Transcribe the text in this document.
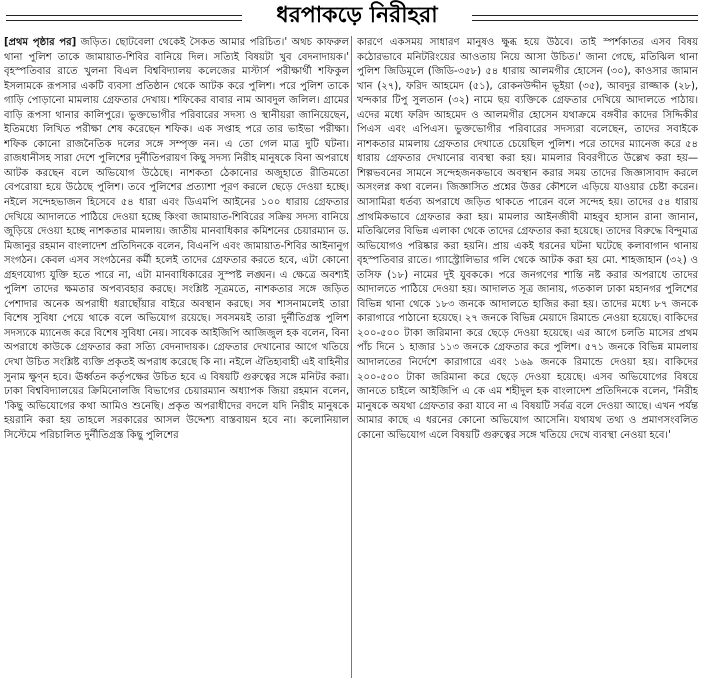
ধরপাকড়ে নিরীহরা

[প্রথম পৃষ্ঠার পর] জড়িত। ছোটবেলা থেকেই সৈকত আমার পরিচিত।' অথচ কাফরুল থানা পুলিশ তাকে জামায়াত-শিবির বানিয়ে দিল। সত্যিই বিষয়টা খুব বেদনাদায়ক।' বৃহস্পতিবার রাতে খুলনা বিএল বিশ্ববিদ্যালয় কলেজের মাস্টার্স পরীক্ষার্থী শফিকুল ইসলামকে রূপসার একটি ব্যবসা প্রতিষ্ঠান থেকে আটক করে পুলিশ। পরে পুলিশ তাকে গাড়ি পোড়ানো মামলায় গ্রেফতার দেখায়। শফিকের বাবার নাম আবদুল জলিল। গ্রামের বাড়ি রূপসা থানার কালিপুরে। ভুক্তভোগীর পরিবারের সদস্য ও স্থানীয়রা জানিয়েছেন, ইতিমধ্যে লিখিত পরীক্ষা শেষ করেছেন শফিক। এক সপ্তাহ পরে তার ভাইভা পরীক্ষা। শফিক কোনো রাজনৈতিক দলের সঙ্গে সম্পৃক্ত নন। এ তো গেল মাত্র দুটি ঘটনা। রাজধানীসহ সারা দেশে পুলিশের দুর্নীতিপরায়ণ কিছু সদস্য নিরীহ মানুষকে বিনা অপরাধে আটক করছেন বলে অভিযোগ উঠেছে। নাশকতা ঠেকানোর অজুহাতে রীতিমতো বেপরোয়া হয়ে উঠেছে পুলিশ। তবে পুলিশের প্রত্যাশা পূরণ করলে ছেড়ে দেওয়া হচ্ছে। নইলে সন্দেহভাজন হিসেবে ৫৪ ধারা এবং ডিএমপি আইনের ১০০ ধারায় গ্রেফতার দেখিয়ে আদালতে পাঠিয়ে দেওয়া হচ্ছে কিংবা জামায়াত-শিবিরের সক্রিয় সদস্য বানিয়ে জুড়িয়ে দেওয়া হচ্ছে নাশকতার মামলায়। জাতীয় মানবাধিকার কমিশনের চেয়ারম্যান ড. মিজানুর রহমান বাংলাদেশ প্রতিদিনকে বলেন, বিএনপি এবং জামায়াত-শিবির আইনানুগ সংগঠন। কেবল এসব সংগঠনের কর্মী হলেই তাদের গ্রেফতার করতে হবে, এটা কোনো গ্রহণযোগ্য যুক্তি হতে পারে না, এটা মানবাধিকারের সুস্পষ্ট লঙ্ঘন। এ ক্ষেত্রে অবশ্যই পুলিশ তাদের ক্ষমতার অপব্যবহার করছে। সংশ্লিষ্ট সূত্রমতে, নাশকতার সঙ্গে জড়িত পেশাদার অনেক অপরাধী ধরাছোঁয়ার বাইরে অবস্থান করছে। সব শাসনামলেই তারা বিশেষ সুবিধা পেয়ে থাকে বলে অভিযোগ রয়েছে। সবসময়ই তারা দুর্নীতিগ্রস্ত পুলিশ সদস্যকে ম্যানেজ করে বিশেষ সুবিধা নেয়। সাবেক আইজিপি আজিজুল হক বলেন, বিনা অপরাধে কাউকে গ্রেফতার করা সত্যি বেদনাদায়ক। গ্রেফতার দেখানোর আগে খতিয়ে দেখা উচিত সংশ্লিষ্ট ব্যক্তি প্রকৃতই অপরাধ করেছে কি না। নইলে ঐতিহ্যবাহী এই বাহিনীর সুনাম ক্ষুণ্ন হবে। ঊর্ধ্বতন কর্তৃপক্ষের উচিত হবে এ বিষয়টি গুরুত্বের সঙ্গে মনিটর করা। ঢাকা বিশ্ববিদ্যালয়ের ক্রিমিনোলজি বিভাগের চেয়ারম্যান অধ্যাপক জিয়া রহমান বলেন, 'কিছু অভিযোগের কথা আমিও শুনেছি। প্রকৃত অপরাধীদের বদলে যদি নিরীহ মানুষকে হয়রানি করা হয় তাহলে সরকারের আসল উদ্দেশ্য বাস্তবায়ন হবে না। কলোনিয়াল সিস্টেমে পরিচালিত দুর্নীতিগ্রস্ত কিছু পুলিশের

কারণে একসময় সাধারণ মানুষও ক্ষুব্ধ হয়ে উঠবে। তাই স্পর্শকাতর এসব বিষয় কঠোরভাবে মনিটরিংয়ের আওতায় নিয়ে আসা উচিত।' জানা গেছে, মতিঝিল থানা পুলিশ জিডিমূলে (জিডি-৩৫৮) ৫৪ ধারায় আলমগীর হোসেন (৩০), কাওসার জামান খান (২৭), ফরিদ আহমেদ (৫১), রোকনউদ্দীন ভূইয়া (৩৫), আবদুর রাজ্জাক (২৮), খন্দকার টিপু সুলতান (৩২) নামে ছয় ব্যক্তিকে গ্রেফতার দেখিয়ে আদালতে পাঠায়। এদের মধ্যে ফরিদ আহমেদ ও আলমগীর হোসেন যথাক্রমে বঙ্গবীর কাদের সিদ্দিকীর পিএস এবং এপিএস। ভুক্তভোগীর পরিবারের সদস্যরা বলেছেন, তাদের সবাইকে নাশকতার মামলায় গ্রেফতার দেখাতে চেয়েছিল পুলিশ। পরে তাদের ম্যানেজ করে ৫৪ ধারায় গ্রেফতার দেখানোর ব্যবস্থা করা হয়। মামলার বিবরণীতে উল্লেখ করা হয়— শিল্পভবনের সামনে সন্দেহজনকভাবে অবস্থান করার সময় তাদের জিজ্ঞাসাবাদ করলে অসংলগ্ন কথা বলেন। জিজ্ঞাসিত প্রশ্নের উত্তর কৌশলে এড়িয়ে যাওয়ার চেষ্টা করেন। আসামিরা ধর্তব্য অপরাধে জড়িত থাকতে পারেন বলে সন্দেহ হয়। তাদের ৫৪ ধারায় প্রাথমিকভাবে গ্রেফতার করা হয়। মামলার আইনজীবী মাহবুব হাসান রানা জানান, মতিঝিলের বিভিন্ন এলাকা থেকে তাদের গ্রেফতার করা হয়েছে। তাদের বিরুদ্ধে বিন্দুমাত্র অভিযোগও পরিষ্কার করা হয়নি। প্রায় একই ধরনের ঘটনা ঘটেছে কলাবাগান থানায় বৃহস্পতিবার রাতে। গ্যাস্ট্রোলিভার গলি থেকে আটক করা হয় মো. শাহজাহান (৩২) ও তসিফ (১৮) নামের দুই যুবককে। পরে জনগণের শান্তি নষ্ট করার অপরাধে তাদের আদালতে পাঠিয়ে দেওয়া হয়। আদালত সূত্র জানায়, গতকাল ঢাকা মহানগর পুলিশের বিভিন্ন থানা থেকে ১৮৩ জনকে আদালতে হাজির করা হয়। তাদের মধ্যে ৮৭ জনকে কারাগারে পাঠানো হয়েছে। ২৭ জনকে বিভিন্ন মেয়াদে রিমান্ডে নেওয়া হয়েছে। বাকিদের ২০০-৫০০ টাকা জরিমানা করে ছেড়ে দেওয়া হয়েছে। এর আগে চলতি মাসের প্রথম পাঁচ দিনে ১ হাজার ১১৩ জনকে গ্রেফতার করে পুলিশ। ৫৭১ জনকে বিভিন্ন মামলায় আদালতের নির্দেশে কারাগারে এবং ১৬৯ জনকে রিমান্ডে দেওয়া হয়। বাকিদের ২০০-৫০০ টাকা জরিমানা করে ছেড়ে দেওয়া হয়েছে। এসব অভিযোগের বিষয়ে জানতে চাইলে আইজিপি এ কে এম শহীদুল হক বাংলাদেশ প্রতিদিনকে বলেন, 'নিরীহ মানুষকে অযথা গ্রেফতার করা যাবে না এ বিষয়টি সর্বত্র বলে দেওয়া আছে। এখন পর্যন্ত আমার কাছে এ ধরনের কোনো অভিযোগ আসেনি। যথাযথ তথ্য ও প্রমাণসংবলিত কোনো অভিযোগ এলে বিষয়টি গুরুত্বের সঙ্গে খতিয়ে দেখে ব্যবস্থা নেওয়া হবে।'
